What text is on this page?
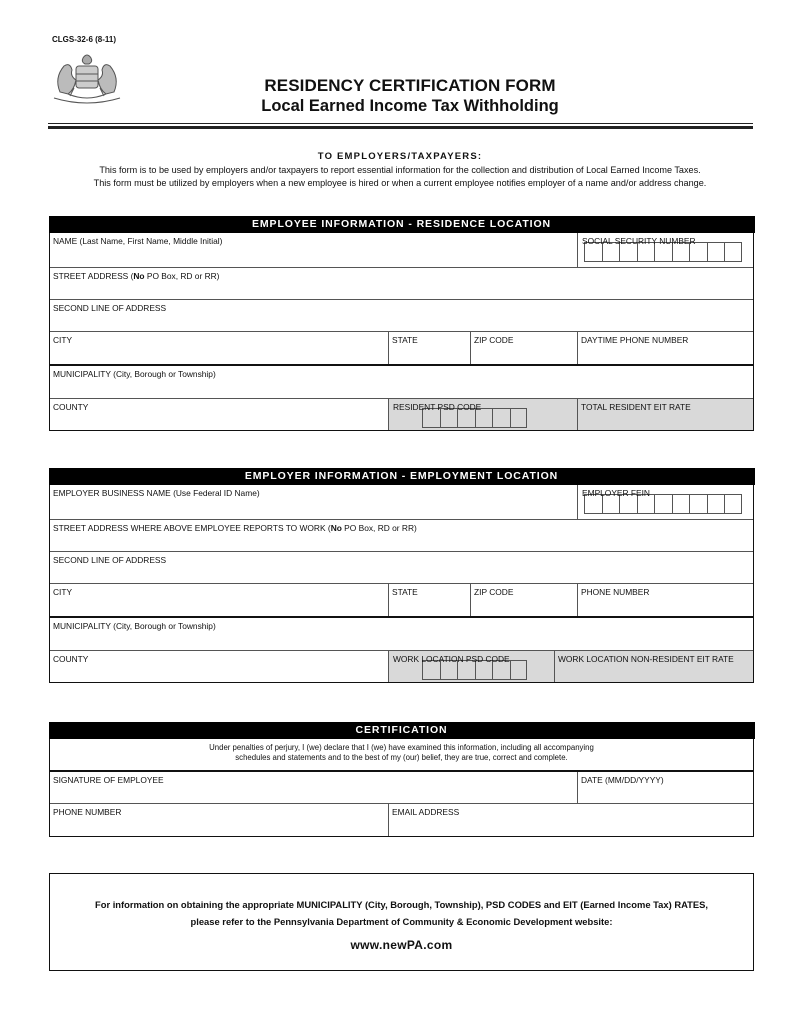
CLGS-32-6 (8-11)
RESIDENCY CERTIFICATION FORM
Local Earned Income Tax Withholding
TO EMPLOYERS/TAXPAYERS:
This form is to be used by employers and/or taxpayers to report essential information for the collection and distribution of Local Earned Income Taxes.
This form must be utilized by employers when a new employee is hired or when a current employee notifies employer of a name and/or address change.
EMPLOYEE INFORMATION - RESIDENCE LOCATION
NAME (Last Name, First Name, Middle Initial)	SOCIAL SECURITY NUMBER
STREET ADDRESS (No PO Box, RD or RR)
SECOND LINE OF ADDRESS
CITY	STATE	ZIP CODE	DAYTIME PHONE NUMBER
MUNICIPALITY (City, Borough or Township)
COUNTY	RESIDENT PSD CODE	TOTAL RESIDENT EIT RATE
EMPLOYER INFORMATION - EMPLOYMENT LOCATION
EMPLOYER BUSINESS NAME (Use Federal ID Name)	EMPLOYER FEIN
STREET ADDRESS WHERE ABOVE EMPLOYEE REPORTS TO WORK (No PO Box, RD or RR)
SECOND LINE OF ADDRESS
CITY	STATE	ZIP CODE	PHONE NUMBER
MUNICIPALITY (City, Borough or Township)
COUNTY	WORK LOCATION PSD CODE	WORK LOCATION NON-RESIDENT EIT RATE
CERTIFICATION
Under penalties of perjury, I (we) declare that I (we) have examined this information, including all accompanying
schedules and statements and to the best of my (our) belief, they are true, correct and complete.
SIGNATURE OF EMPLOYEE	DATE (MM/DD/YYYY)
PHONE NUMBER	EMAIL ADDRESS
For information on obtaining the appropriate MUNICIPALITY (City, Borough, Township), PSD CODES and EIT (Earned Income Tax) RATES,
please refer to the Pennsylvania Department of Community & Economic Development website:
www.newPA.com
